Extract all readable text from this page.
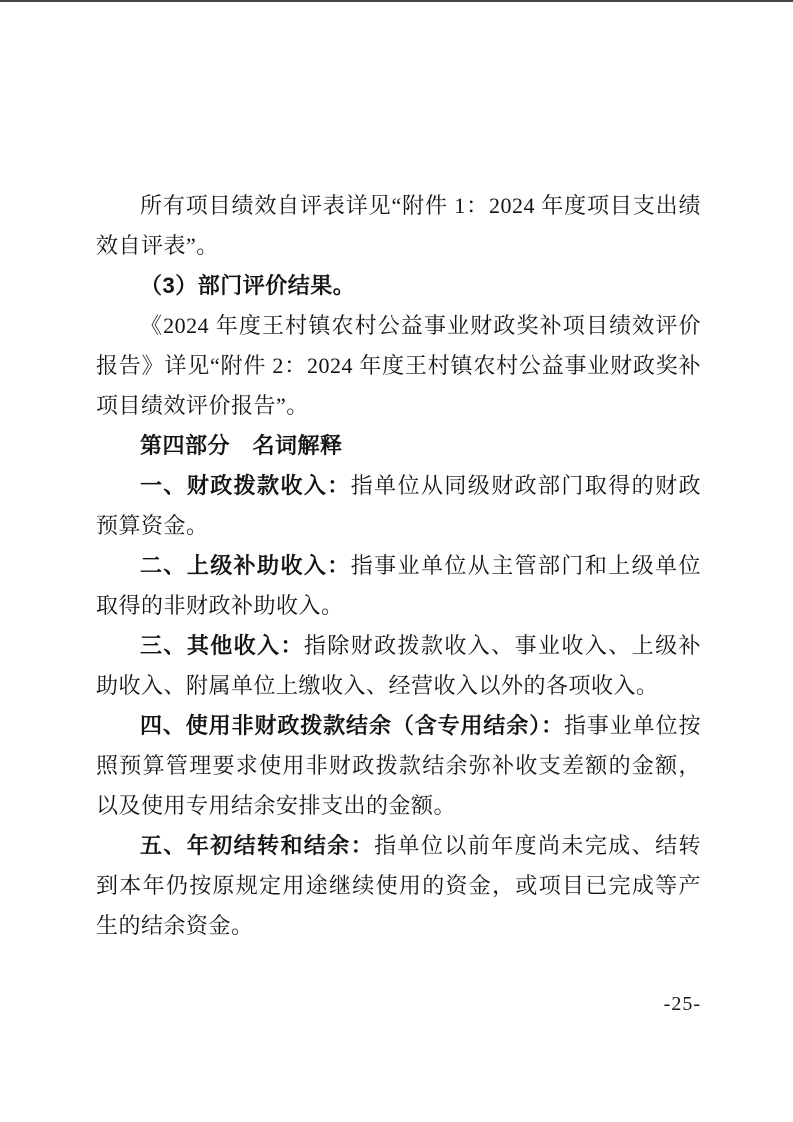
所有项目绩效自评表详见“附件 1：2024 年度项目支出绩效自评表”。

（3）部门评价结果。

《2024 年度王村镇农村公益事业财政奖补项目绩效评价报告》详见“附件 2：2024 年度王村镇农村公益事业财政奖补项目绩效评价报告”。

第四部分　名词解释

一、财政拨款收入：指单位从同级财政部门取得的财政预算资金。

二、上级补助收入：指事业单位从主管部门和上级单位取得的非财政补助收入。

三、其他收入：指除财政拨款收入、事业收入、上级补助收入、附属单位上缴收入、经营收入以外的各项收入。

四、使用非财政拨款结余（含专用结余）：指事业单位按照预算管理要求使用非财政拨款结余弥补收支差额的金额，以及使用专用结余安排支出的金额。

五、年初结转和结余：指单位以前年度尚未完成、结转到本年仍按原规定用途继续使用的资金，或项目已完成等产生的结余资金。

-25-
